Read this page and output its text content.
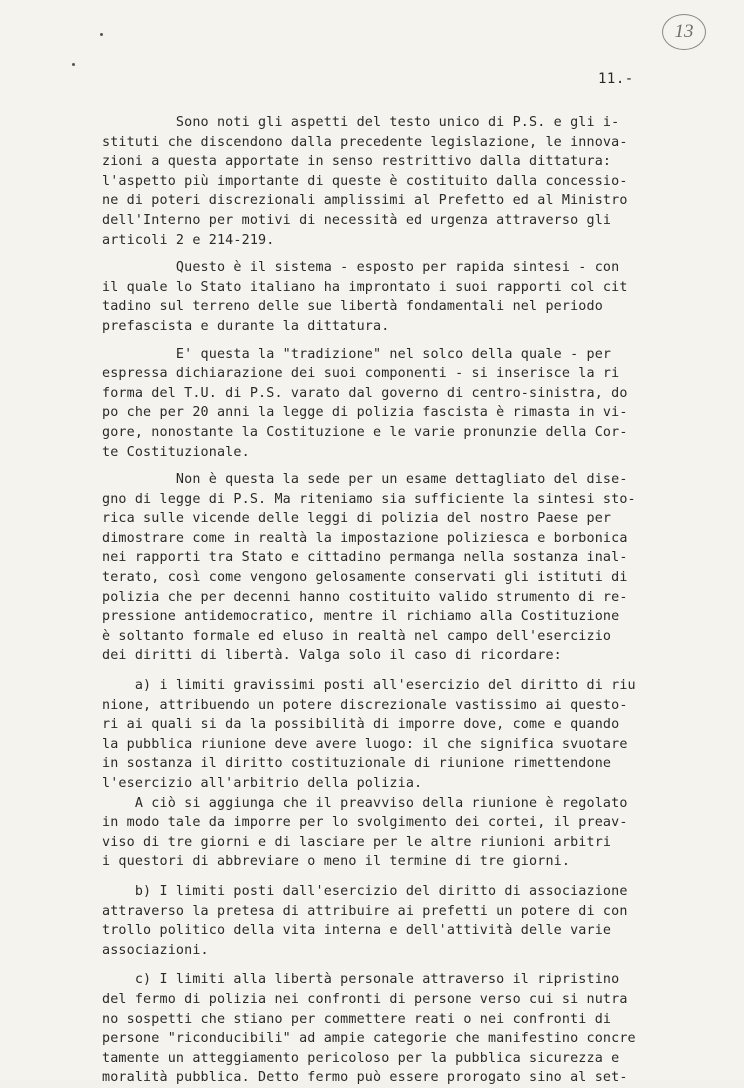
13
11.-
Sono noti gli aspetti del testo unico di P.S. e gli i-
stituti che discendono dalla precedente legislazione, le innova-
zioni a questa apportate in senso restrittivo dalla dittatura:
l'aspetto più importante di queste è costituito dalla concessio-
ne di poteri discrezionali amplissimi al Prefetto ed al Ministro
dell'Interno per motivi di necessità ed urgenza attraverso gli
articoli 2 e 214-219.
Questo è il sistema - esposto per rapida sintesi - con
il quale lo Stato italiano ha improntato i suoi rapporti col cit
tadino sul terreno delle sue libertà fondamentali nel periodo
prefascista e durante la dittatura.
E' questa la "tradizione" nel solco della quale - per
espressa dichiarazione dei suoi componenti - si inserisce la ri
forma del T.U. di P.S. varato dal governo di centro-sinistra, do
po che per 20 anni la legge di polizia fascista è rimasta in vi-
gore, nonostante la Costituzione e le varie pronunzie della Cor-
te Costituzionale.
Non è questa la sede per un esame dettagliato del dise-
gno di legge di P.S. Ma riteniamo sia sufficiente la sintesi sto-
rica sulle vicende delle leggi di polizia del nostro Paese per
dimostrare come in realtà la impostazione poliziesca e borbonica
nei rapporti tra Stato e cittadino permanga nella sostanza inal-
terato, così come vengono gelosamente conservati gli istituti di
polizia che per decenni hanno costituito valido strumento di re-
pressione antidemocratico, mentre il richiamo alla Costituzione
è soltanto formale ed eluso in realtà nel campo dell'esercizio
dei diritti di libertà. Valga solo il caso di ricordare:
a) i limiti gravissimi posti all'esercizio del diritto di riu
nione, attribuendo un potere discrezionale vastissimo ai questo-
ri ai quali si da la possibilità di imporre dove, come e quando
la pubblica riunione deve avere luogo: il che significa svuotare
in sostanza il diritto costituzionale di riunione rimettendone
l'esercizio all'arbitrio della polizia.
A ciò si aggiunga che il preavviso della riunione è regolato
in modo tale da imporre per lo svolgimento dei cortei, il preav-
viso di tre giorni e di lasciare per le altre riunioni arbitri
i questori di abbreviare o meno il termine di tre giorni.
b) I limiti posti dall'esercizio del diritto di associazione
attraverso la pretesa di attribuire ai prefetti un potere di con
trollo politico della vita interna e dell'attività delle varie
associazioni.
c) I limiti alla libertà personale attraverso il ripristino
del fermo di polizia nei confronti di persone verso cui si nutra
no sospetti che stiano per commettere reati o nei confronti di
persone "riconducibili" ad ampie categorie che manifestino concre
tamente un atteggiamento pericoloso per la pubblica sicurezza e
moralità pubblica. Detto fermo può essere prorogato sino al set-
